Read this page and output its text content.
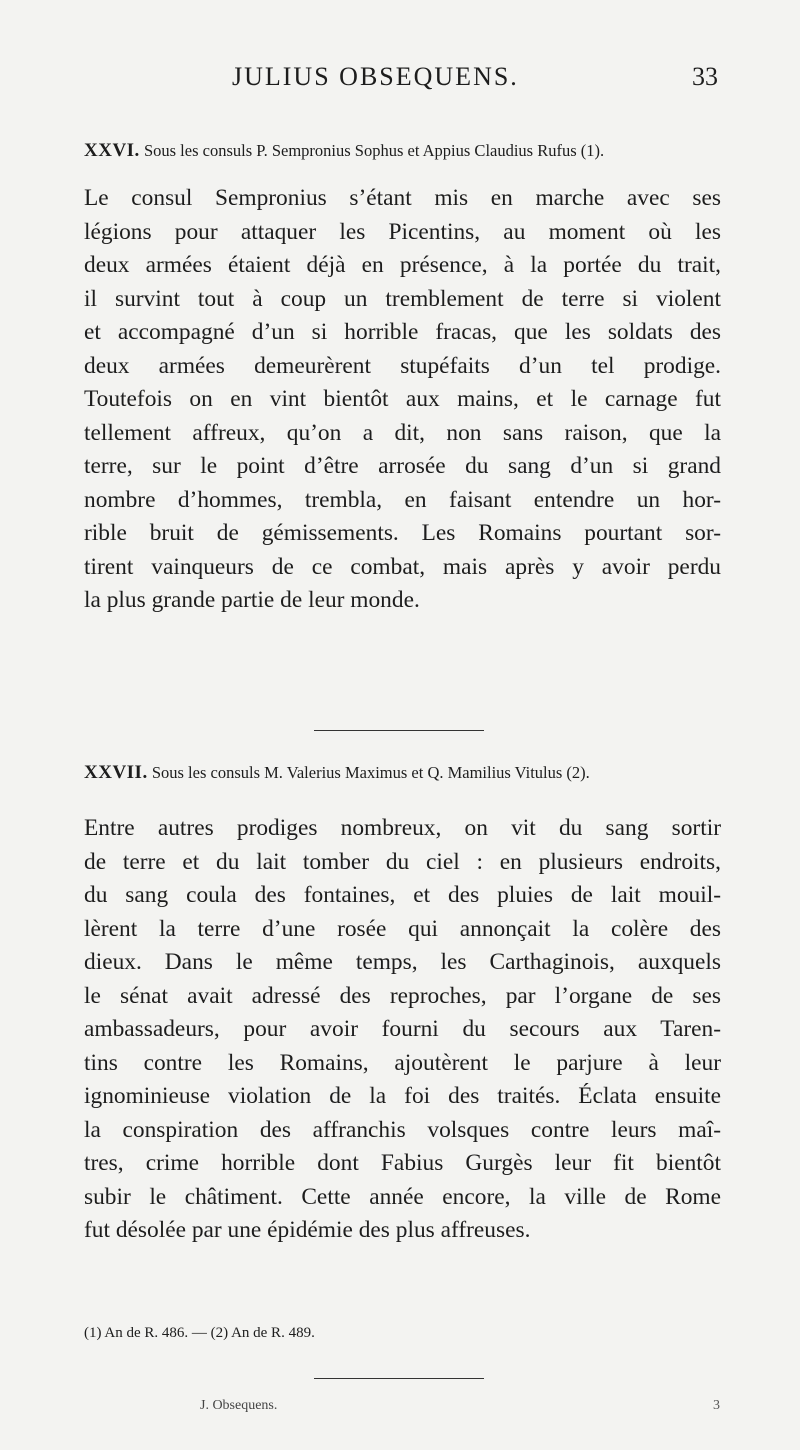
JULIUS OBSEQUENS.	33
XXVI. Sous les consuls P. Sempronius Sophus et Appius Claudius Rufus (1).
Le consul Sempronius s’étant mis en marche avec ses
légions pour attaquer les Picentins, au moment où les
deux armées étaient déjà en présence, à la portée du trait,
il survint tout à coup un tremblement de terre si violent
et accompagné d’un si horrible fracas, que les soldats des
deux armées demeurèrent stupéfaits d’un tel prodige.
Toutefois on en vint bientôt aux mains, et le carnage fut
tellement affreux, qu’on a dit, non sans raison, que la
terre, sur le point d’être arrosée du sang d’un si grand
nombre d’hommes, trembla, en faisant entendre un hor-
rible bruit de gémissements. Les Romains pourtant sor-
tirent vainqueurs de ce combat, mais après y avoir perdu
la plus grande partie de leur monde.
XXVII. Sous les consuls M. Valerius Maximus et Q. Mamilius Vitulus (2).
Entre autres prodiges nombreux, on vit du sang sortir
de terre et du lait tomber du ciel : en plusieurs endroits,
du sang coula des fontaines, et des pluies de lait mouil-
lèrent la terre d’une rosée qui annonçait la colère des
dieux. Dans le même temps, les Carthaginois, auxquels
le sénat avait adressé des reproches, par l’organe de ses
ambassadeurs, pour avoir fourni du secours aux Taren-
tins contre les Romains, ajoutèrent le parjure à leur
ignominieuse violation de la foi des traités. Éclata ensuite
la conspiration des affranchis volsques contre leurs maî-
tres, crime horrible dont Fabius Gurgès leur fit bientôt
subir le châtiment. Cette année encore, la ville de Rome
fut désolée par une épidémie des plus affreuses.
(1) An de R. 486. — (2) An de R. 489.
J. Obsequens.	3
